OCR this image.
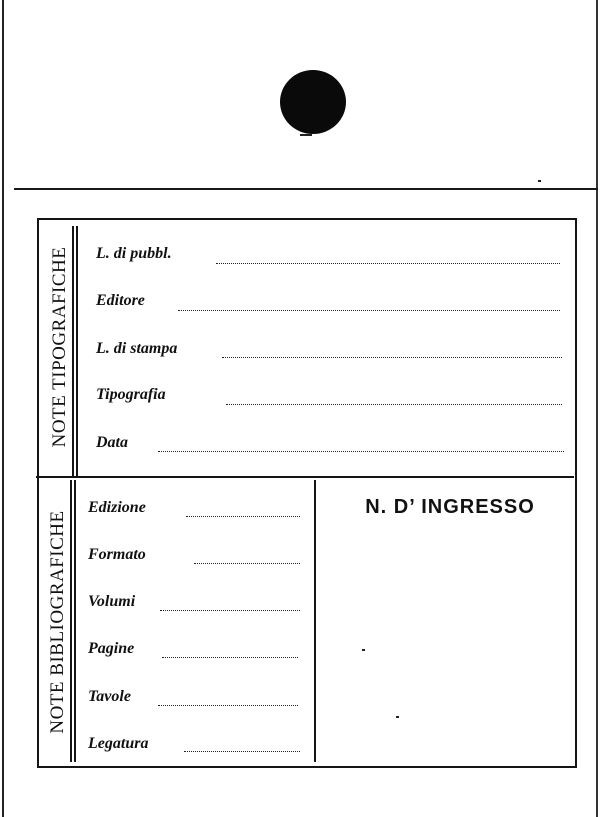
NOTE TIPOGRAFICHE
NOTE BIBLIOGRAFICHE
L. di pubbl.
Editore
L. di stampa
Tipografia
Data
Edizione
Formato
Volumi
Pagine
Tavole
Legatura
N. D’ INGRESSO
